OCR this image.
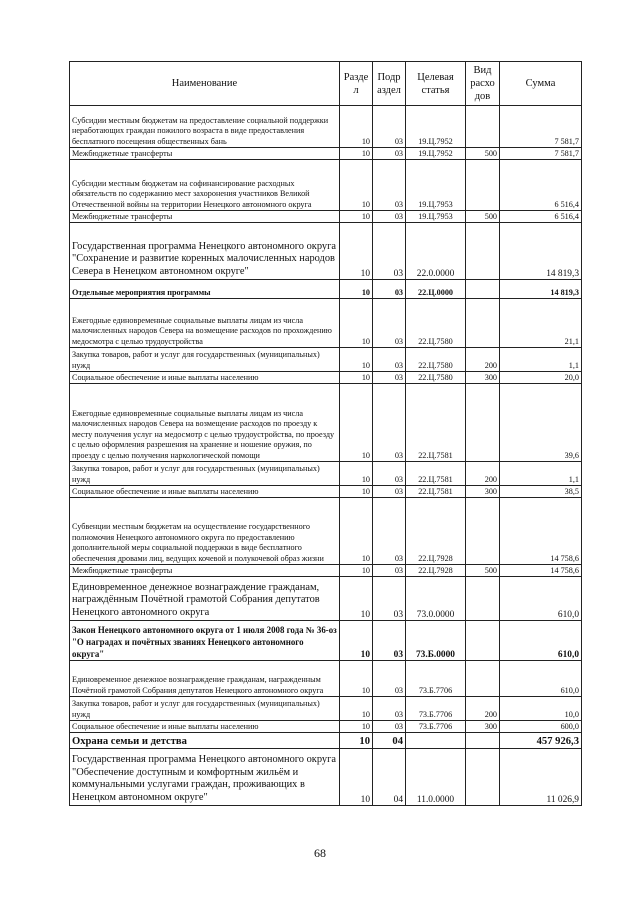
Наименование	Разде л	Подр аздел	Целевая статья	Вид расхо дов	Сумма
Субсидии местным бюджетам на предоставление социальной поддержки неработающих граждан пожилого возраста в виде предоставления бесплатного посещения общественных бань	10	03	19.Ц.7952		7 581,7
Межбюджетные трансферты	10	03	19.Ц.7952	500	7 581,7
Субсидии местным бюджетам на софинансирование расходных обязательств по содержанию мест захоронения участников Великой Отечественной войны на территории Ненецкого автономного округа	10	03	19.Ц.7953		6 516,4
Межбюджетные трансферты	10	03	19.Ц.7953	500	6 516,4
Государственная программа Ненецкого автономного округа "Сохранение и развитие коренных малочисленных народов Севера в Ненецком автономном округе"	10	03	22.0.0000		14 819,3
Отдельные мероприятия программы	10	03	22.Ц.0000		14 819,3
Ежегодные единовременные социальные выплаты лицам из числа малочисленных народов Севера на возмещение расходов по прохождению медосмотра с целью трудоустройства	10	03	22.Ц.7580		21,1
Закупка товаров, работ и услуг для государственных (муниципальных) нужд	10	03	22.Ц.7580	200	1,1
Социальное обеспечение и иные выплаты населению	10	03	22.Ц.7580	300	20,0
Ежегодные единовременные социальные выплаты лицам из числа малочисленных народов Севера на возмещение расходов по проезду к месту получения услуг на медосмотр с целью трудоустройства, по проезду с целью оформления разрешения на хранение и ношение оружия, по проезду с целью получения наркологической помощи	10	03	22.Ц.7581		39,6
Закупка товаров, работ и услуг для государственных (муниципальных) нужд	10	03	22.Ц.7581	200	1,1
Социальное обеспечение и иные выплаты населению	10	03	22.Ц.7581	300	38,5
Субвенции местным бюджетам на осуществление государственного полномочия Ненецкого автономного округа по предоставлению дополнительной меры социальной поддержки в виде бесплатного обеспечения дровами лиц, ведущих кочевой и полукочевой образ жизни	10	03	22.Ц.7928		14 758,6
Межбюджетные трансферты	10	03	22.Ц.7928	500	14 758,6
Единовременное денежное вознаграждение гражданам, награждённым Почётной грамотой Собрания депутатов Ненецкого автономного округа	10	03	73.0.0000		610,0
Закон Ненецкого автономного округа от 1 июля 2008 года № 36-оз "О наградах и почётных званиях Ненецкого автономного округа"	10	03	73.Б.0000		610,0
Единовременное денежное вознаграждение гражданам, награжденным Почётной грамотой Собрания депутатов Ненецкого автономного округа	10	03	73.Б.7706		610,0
Закупка товаров, работ и услуг для государственных (муниципальных) нужд	10	03	73.Б.7706	200	10,0
Социальное обеспечение и иные выплаты населению	10	03	73.Б.7706	300	600,0
Охрана семьи и детства	10	04			457 926,3
Государственная программа Ненецкого автономного округа "Обеспечение доступным и комфортным жильём и коммунальными услугами граждан, проживающих в Ненецком автономном округе"	10	04	11.0.0000		11 026,9
68
